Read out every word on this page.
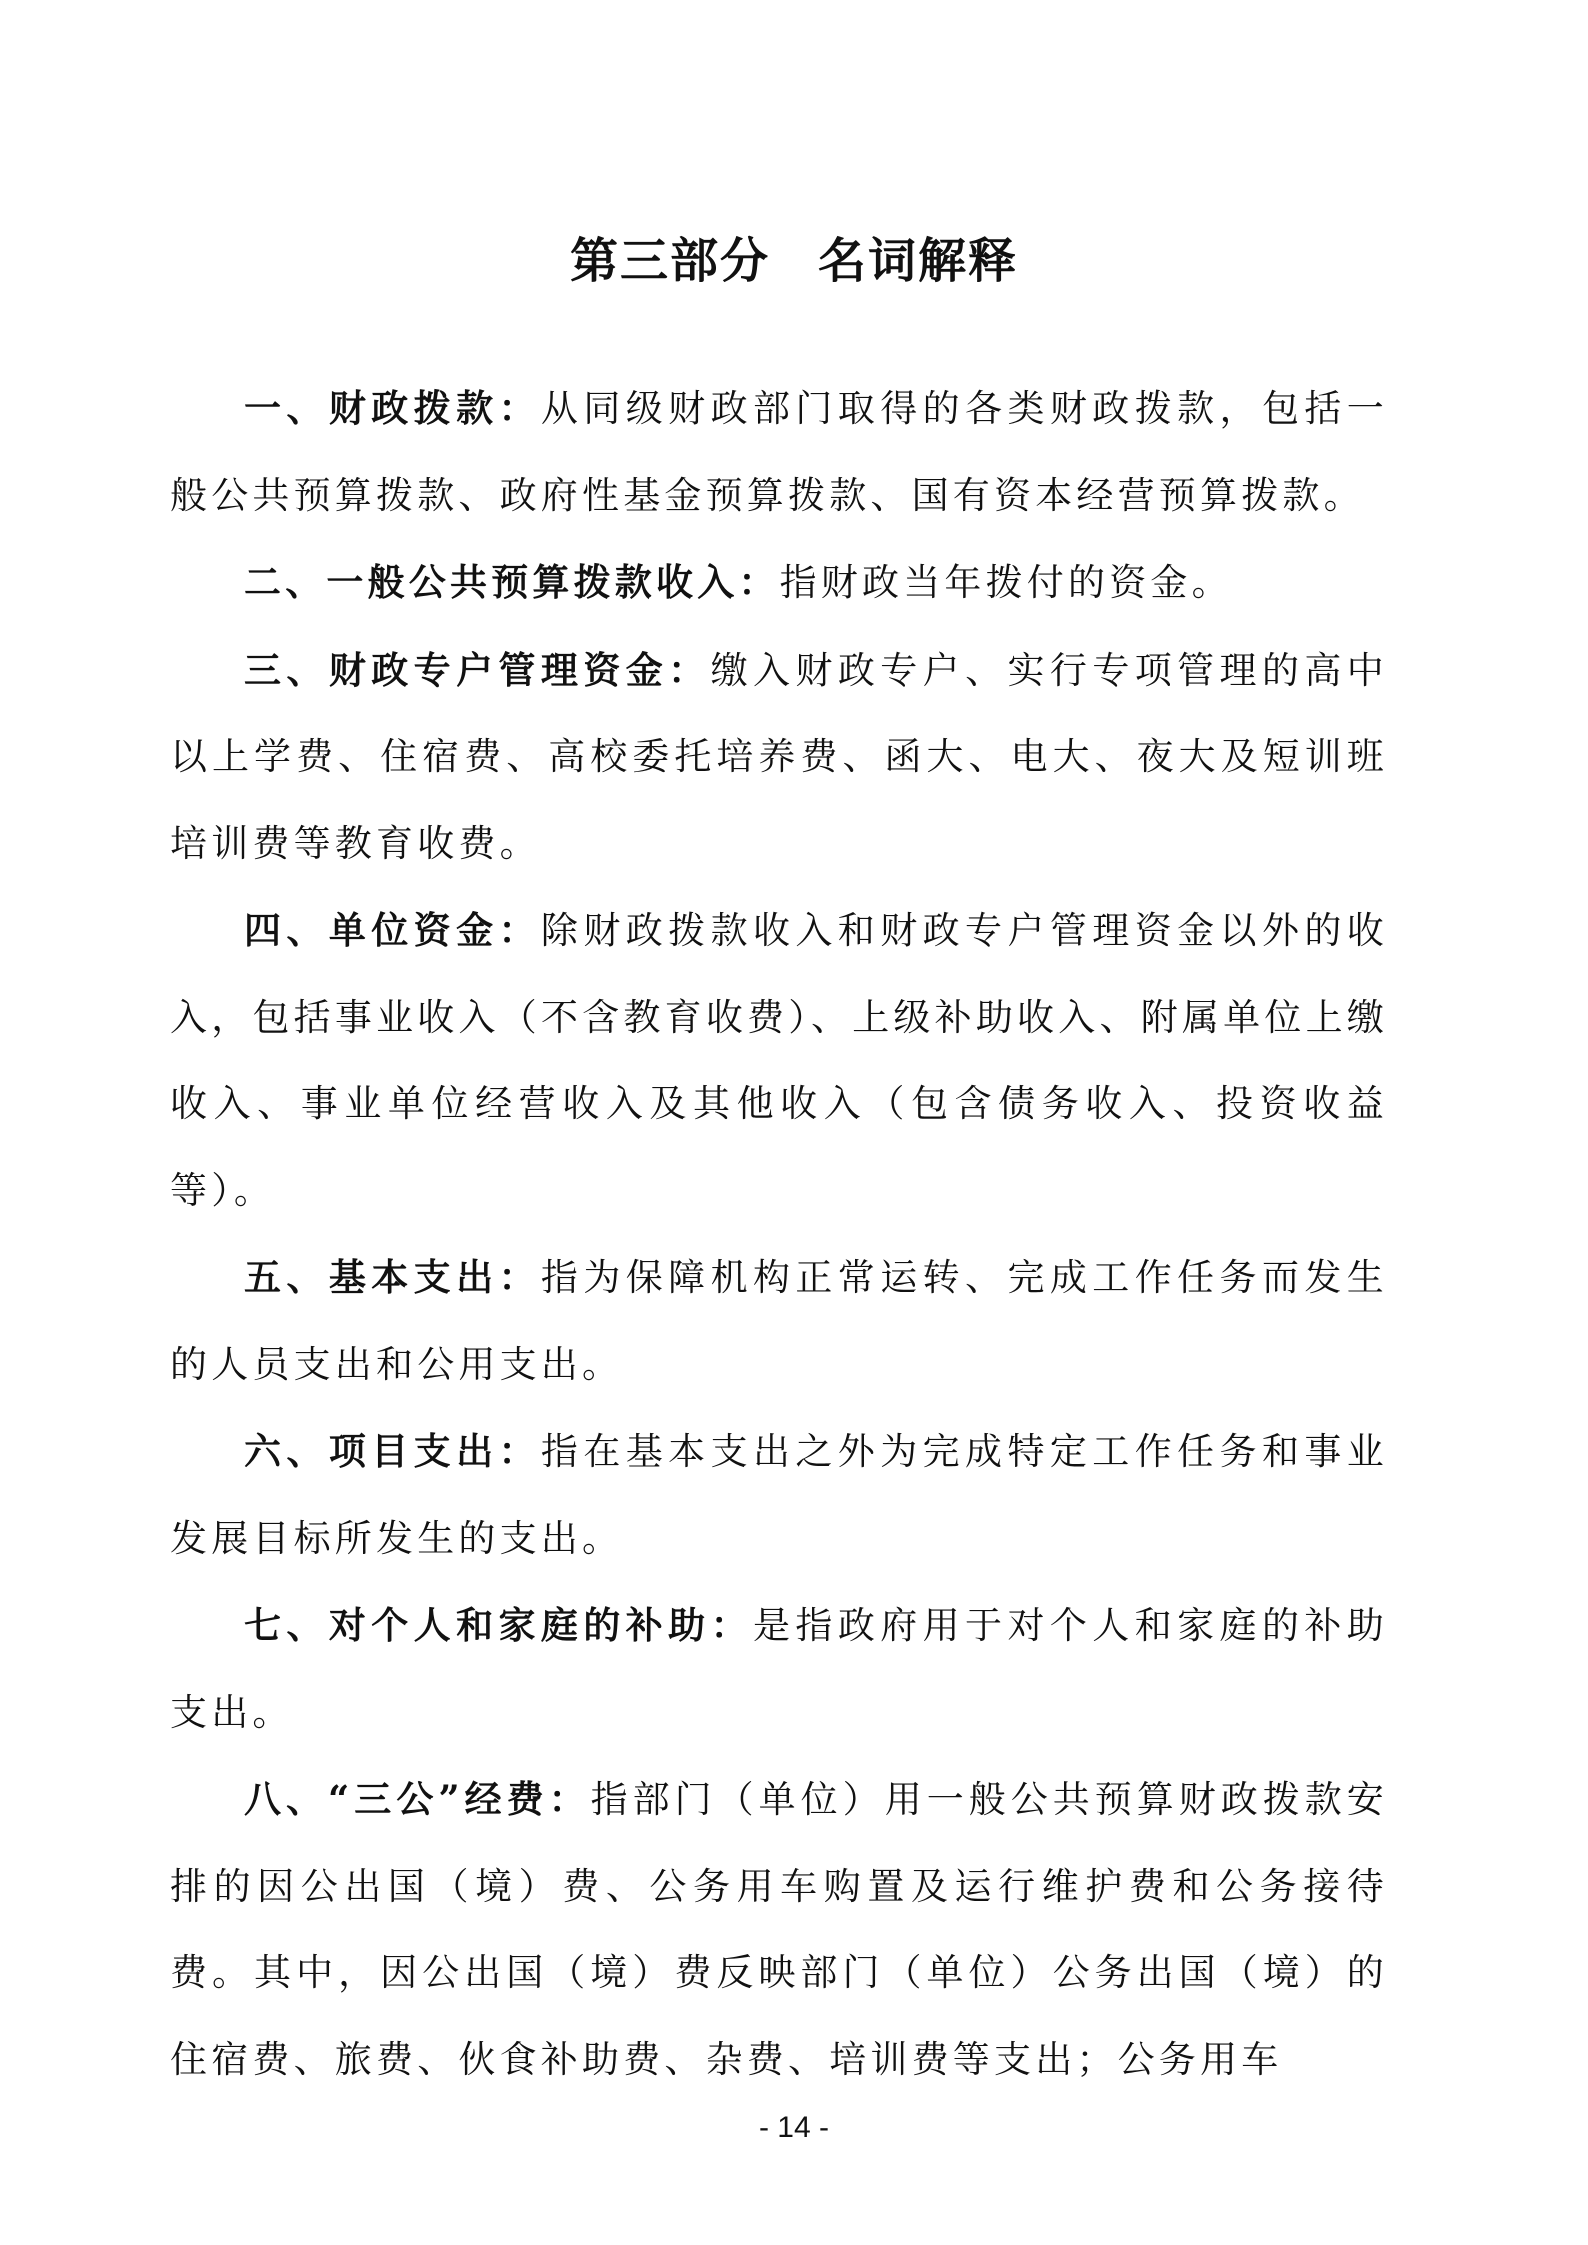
第三部分 名词解释

一、财政拨款：从同级财政部门取得的各类财政拨款，包括一般公共预算拨款、政府性基金预算拨款、国有资本经营预算拨款。

二、一般公共预算拨款收入：指财政当年拨付的资金。

三、财政专户管理资金：缴入财政专户、实行专项管理的高中以上学费、住宿费、高校委托培养费、函大、电大、夜大及短训班培训费等教育收费。

四、单位资金：除财政拨款收入和财政专户管理资金以外的收入，包括事业收入（不含教育收费）、上级补助收入、附属单位上缴收入、事业单位经营收入及其他收入（包含债务收入、投资收益等）。

五、基本支出：指为保障机构正常运转、完成工作任务而发生的人员支出和公用支出。

六、项目支出：指在基本支出之外为完成特定工作任务和事业发展目标所发生的支出。

七、对个人和家庭的补助：是指政府用于对个人和家庭的补助支出。

八、“三公”经费：指部门（单位）用一般公共预算财政拨款安排的因公出国（境）费、公务用车购置及运行维护费和公务接待费。其中，因公出国（境）费反映部门（单位）公务出国（境）的住宿费、旅费、伙食补助费、杂费、培训费等支出；公务用车

- 14 -
